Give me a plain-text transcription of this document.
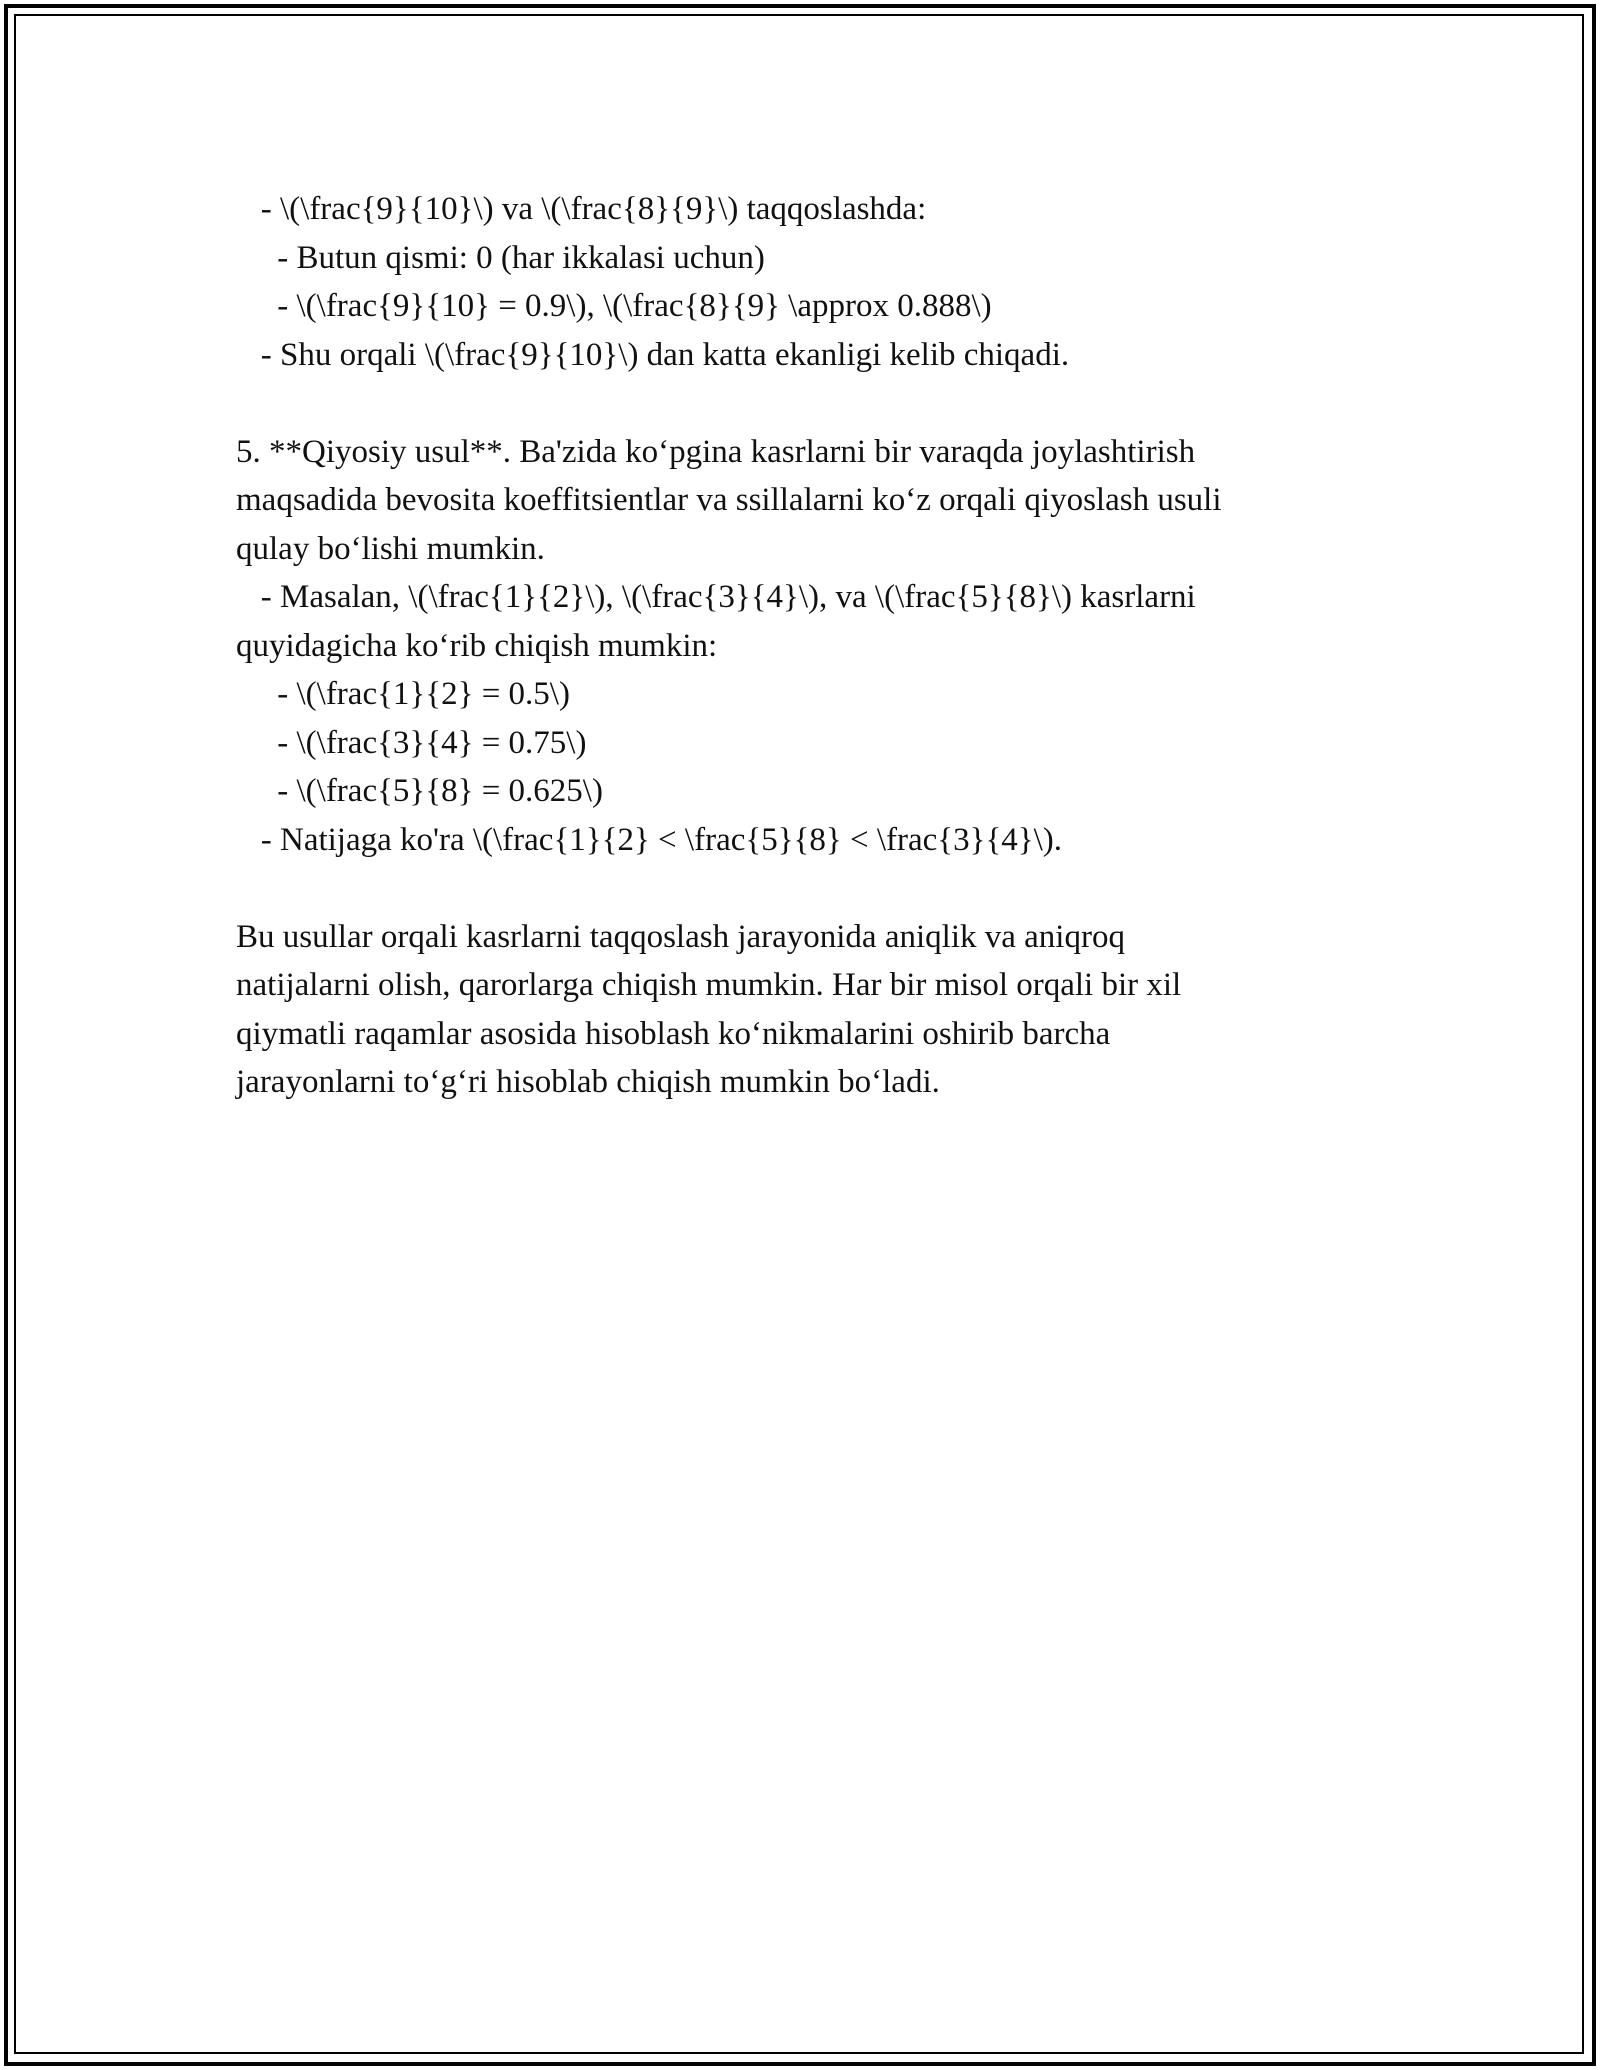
- \(\frac{9}{10}\) va \(\frac{8}{9}\) taqqoslashda:

- Butun qismi: 0 (har ikkalasi uchun)

- \(\frac{9}{10} = 0.9\), \(\frac{8}{9} \approx 0.888\)

- Shu orqali \(\frac{9}{10}\) dan katta ekanligi kelib chiqadi.

5. **Qiyosiy usul**. Ba'zida ko‘pgina kasrlarni bir varaqda joylashtirish

maqsadida bevosita koeffitsientlar va ssillalarni ko‘z orqali qiyoslash usuli

qulay bo‘lishi mumkin.

- Masalan, \(\frac{1}{2}\), \(\frac{3}{4}\), va \(\frac{5}{8}\) kasrlarni

quyidagicha ko‘rib chiqish mumkin:

- \(\frac{1}{2} = 0.5\)

- \(\frac{3}{4} = 0.75\)

- \(\frac{5}{8} = 0.625\)

- Natijaga ko'ra \(\frac{1}{2} < \frac{5}{8} < \frac{3}{4}\).

Bu usullar orqali kasrlarni taqqoslash jarayonida aniqlik va aniqroq

natijalarni olish, qarorlarga chiqish mumkin. Har bir misol orqali bir xil

qiymatli raqamlar asosida hisoblash ko‘nikmalarini oshirib barcha

jarayonlarni to‘g‘ri hisoblab chiqish mumkin bo‘ladi.
